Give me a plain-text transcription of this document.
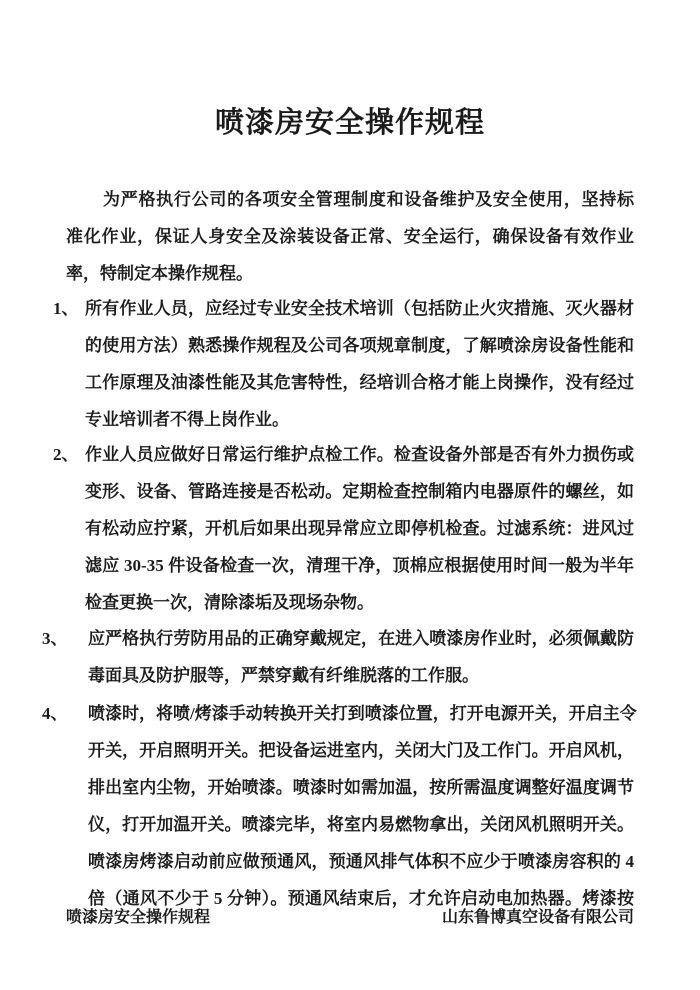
喷漆房安全操作规程
为严格执行公司的各项安全管理制度和设备维护及安全使用，坚持标
准化作业，保证人身安全及涂装设备正常、安全运行，确保设备有效作业
率，特制定本操作规程。
1、 所有作业人员，应经过专业安全技术培训（包括防止火灾措施、灭火器材
的使用方法）熟悉操作规程及公司各项规章制度，了解喷涂房设备性能和
工作原理及油漆性能及其危害特性，经培训合格才能上岗操作，没有经过
专业培训者不得上岗作业。
2、 作业人员应做好日常运行维护点检工作。检查设备外部是否有外力损伤或
变形、设备、管路连接是否松动。定期检查控制箱内电器原件的螺丝，如
有松动应拧紧，开机后如果出现异常应立即停机检查。过滤系统：进风过
滤应 30-35 件设备检查一次，清理干净，顶棉应根据使用时间一般为半年
检查更换一次，清除漆垢及现场杂物。
3、 应严格执行劳防用品的正确穿戴规定，在进入喷漆房作业时，必须佩戴防
毒面具及防护服等，严禁穿戴有纤维脱落的工作服。
4、 喷漆时，将喷/烤漆手动转换开关打到喷漆位置，打开电源开关，开启主令
开关，开启照明开关。把设备运进室内，关闭大门及工作门。开启风机，
排出室内尘物，开始喷漆。喷漆时如需加温，按所需温度调整好温度调节
仪，打开加温开关。喷漆完毕，将室内易燃物拿出，关闭风机照明开关。
喷漆房烤漆启动前应做预通风，预通风排气体积不应少于喷漆房容积的 4
倍（通风不少于 5 分钟）。预通风结束后，才允许启动电加热器。烤漆按
喷漆房安全操作规程	山东鲁博真空设备有限公司
